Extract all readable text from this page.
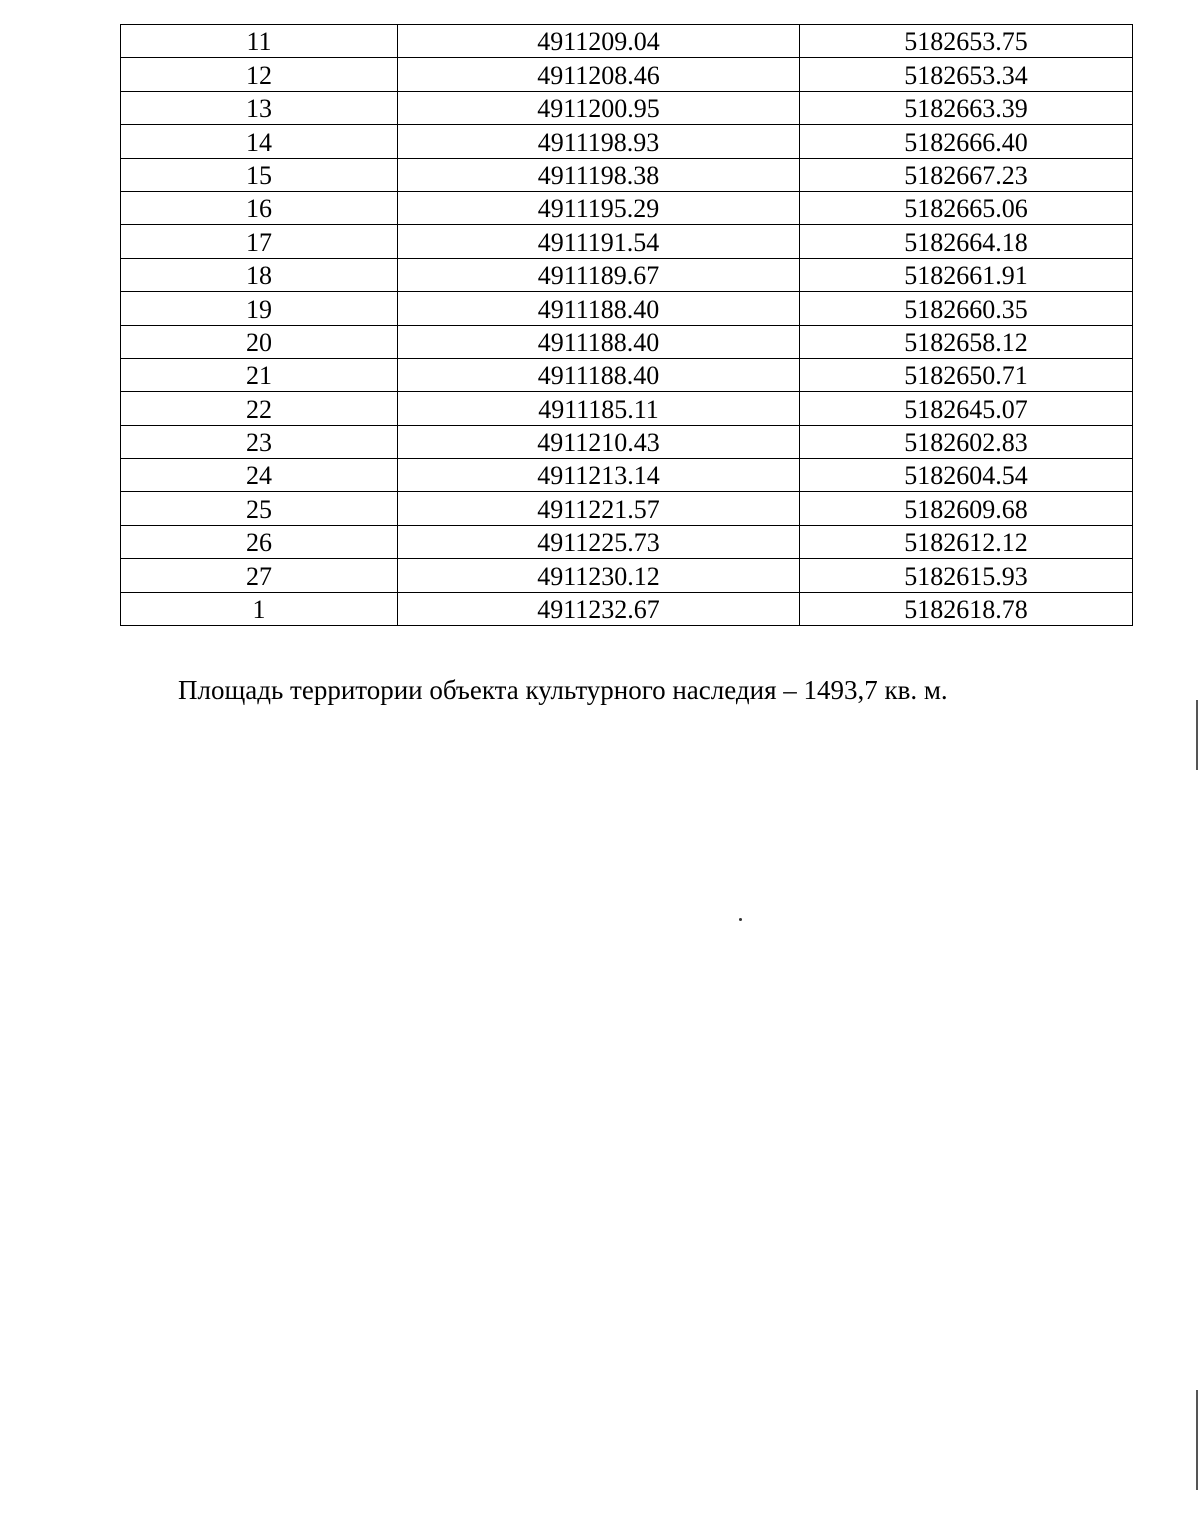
11	4911209.04	5182653.75
12	4911208.46	5182653.34
13	4911200.95	5182663.39
14	4911198.93	5182666.40
15	4911198.38	5182667.23
16	4911195.29	5182665.06
17	4911191.54	5182664.18
18	4911189.67	5182661.91
19	4911188.40	5182660.35
20	4911188.40	5182658.12
21	4911188.40	5182650.71
22	4911185.11	5182645.07
23	4911210.43	5182602.83
24	4911213.14	5182604.54
25	4911221.57	5182609.68
26	4911225.73	5182612.12
27	4911230.12	5182615.93
1	4911232.67	5182618.78
Площадь территории объекта культурного наследия – 1493,7 кв. м.
